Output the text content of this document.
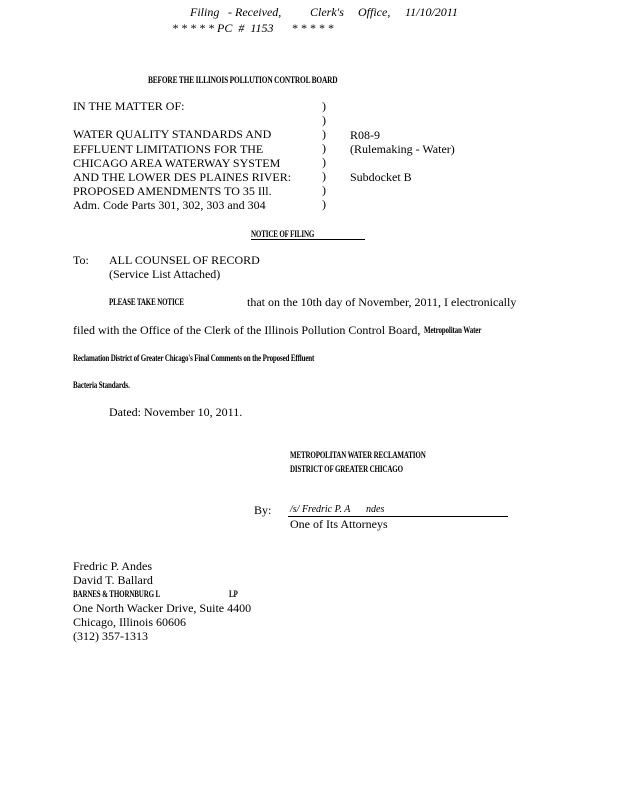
Filing - Received, Clerk's Office, 11/10/2011
* * * * * PC  #  1153      * * * * *
BEFORE THE ILLINOIS POLLUTION CONTROL BOARD
IN THE MATTER OF:
WATER QUALITY STANDARDS AND
EFFLUENT LIMITATIONS FOR THE
CHICAGO AREA WATERWAY SYSTEM
AND THE LOWER DES PLAINES RIVER:
PROPOSED AMENDMENTS TO 35 Ill.
Adm. Code Parts 301, 302, 303 and 304
)
)
)
)
)
)
)
)
R08-9
(Rulemaking - Water)
Subdocket B
NOTICE OF FILING
To: ALL COUNSEL OF RECORD
(Service List Attached)
PLEASE TAKE NOTICE	that on the 10th day of November, 2011, I electronically
filed with the Office of the Clerk of the Illinois Pollution Control Board, Metropolitan Water
Reclamation District of Greater Chicago's Final Comments on the Proposed Effluent
Bacteria Standards.
Dated: November 10, 2011.
METROPOLITAN WATER RECLAMATION
DISTRICT OF GREATER CHICAGO
By: /s/ Fredric P. A ndes
One of Its Attorneys
Fredric P. Andes
David T. Ballard
BARNES & THORNBURG L	LP
One North Wacker Drive, Suite 4400
Chicago, Illinois 60606
(312) 357-1313
